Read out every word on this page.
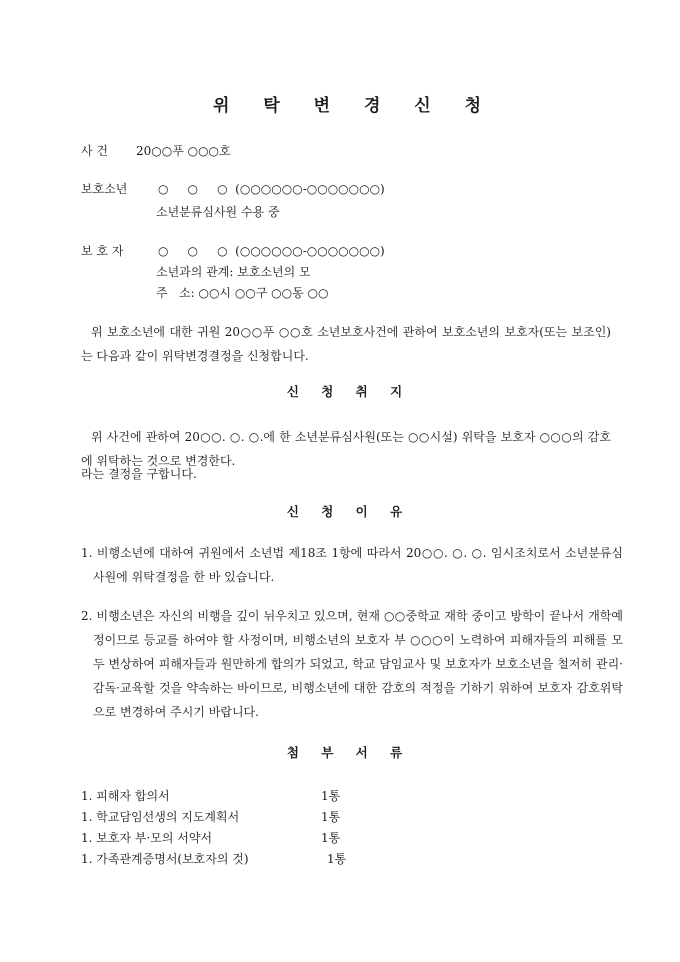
위 탁 변 경 신 청
사 건 20○○푸 ○○○호
보호소년	○     ○     ○  (○○○○○○-○○○○○○○)
소년분류심사원 수용 중
보 호 자	○     ○     ○  (○○○○○○-○○○○○○○)
소년과의 관계: 보호소년의 모
주   소: ○○시 ○○구 ○○동 ○○
위 보호소년에 대한 귀원 20○○푸 ○○호 소년보호사건에 관하여 보호소년의 보호자(또는 보조인)는 다음과 같이 위탁변경결정을 신청합니다.
신 청 취 지
위 사건에 관하여 20○○. ○. ○.에 한 소년분류심사원(또는 ○○시설) 위탁을 보호자 ○○○의 감호에 위탁하는 것으로 변경한다.
라는 결정을 구합니다.
신 청 이 유
1. 비행소년에 대하여 귀원에서 소년법 제18조 1항에 따라서 20○○. ○. ○. 임시조치로서 소년분류심사원에 위탁결정을 한 바 있습니다.
2. 비행소년은 자신의 비행을 깊이 뉘우치고 있으며, 현재 ○○중학교 재학 중이고 방학이 끝나서 개학예정이므로 등교를 하여야 할 사정이며, 비행소년의 보호자 부 ○○○이 노력하여 피해자들의 피해를 모두 변상하여 피해자들과 원만하게 합의가 되었고, 학교 담임교사 및 보호자가 보호소년을 철저히 관리·감독·교육할 것을 약속하는 바이므로, 비행소년에 대한 감호의 적정을 기하기 위하여 보호자 감호위탁으로 변경하여 주시기 바랍니다.
첨 부 서 류
1. 피해자 합의서	1통
1. 학교담임선생의 지도계획서	1통
1. 보호자 부·모의 서약서	1통
1. 가족관계증명서(보호자의 것)	1통
